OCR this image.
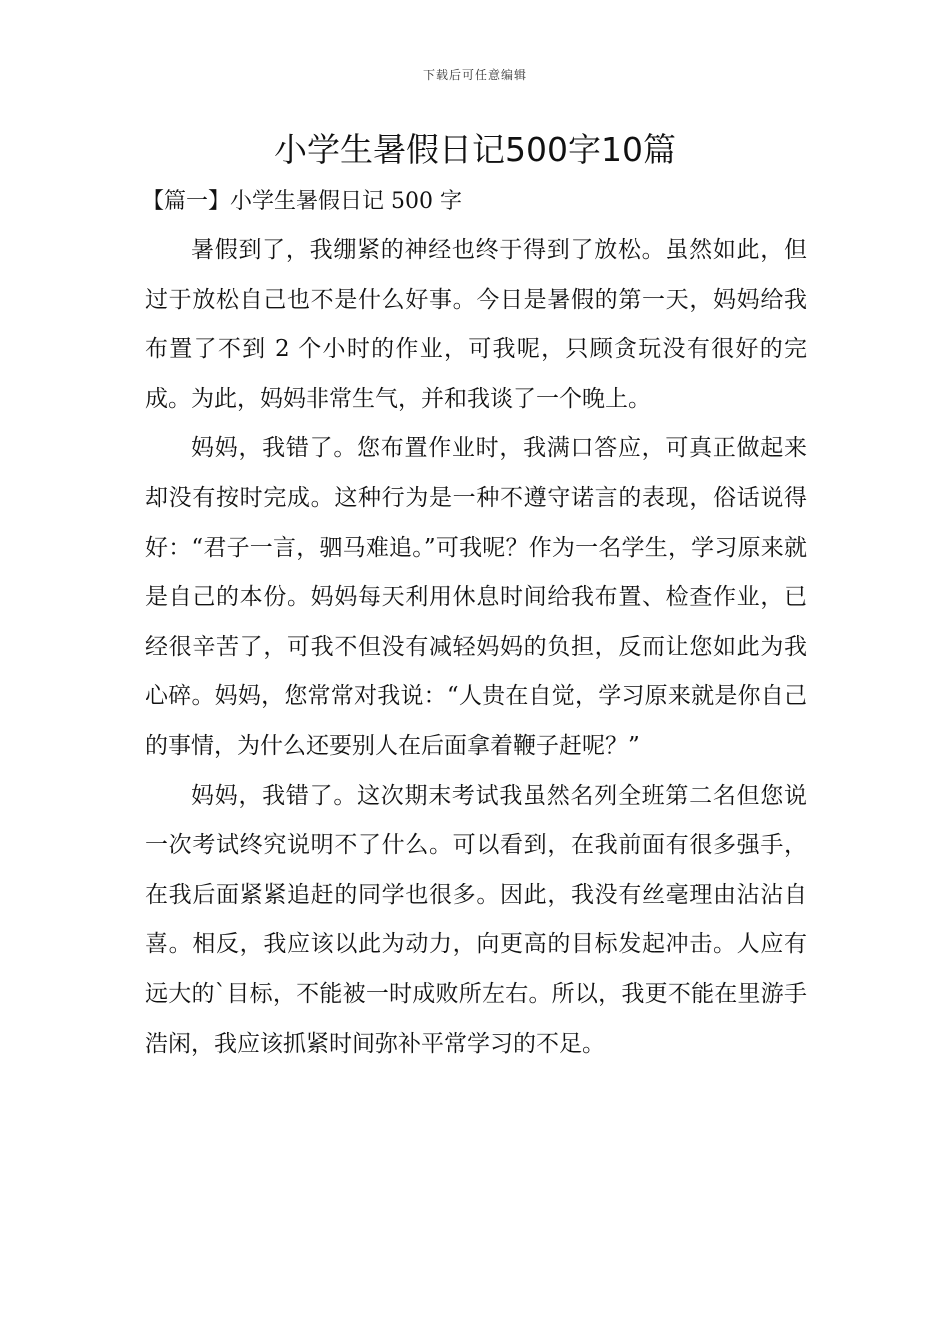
下载后可任意编辑
小学生暑假日记500字10篇
【篇一】小学生暑假日记 500 字

暑假到了，我绷紧的神经也终于得到了放松。虽然如此，但过于放松自己也不是什么好事。今日是暑假的第一天，妈妈给我布置了不到 2 个小时的作业，可我呢，只顾贪玩没有很好的完成。为此，妈妈非常生气，并和我谈了一个晚上。

妈妈，我错了。您布置作业时，我满口答应，可真正做起来却没有按时完成。这种行为是一种不遵守诺言的表现，俗话说得好：“君子一言，驷马难追。”可我呢？作为一名学生，学习原来就是自己的本份。妈妈每天利用休息时间给我布置、检查作业，已经很辛苦了，可我不但没有减轻妈妈的负担，反而让您如此为我心碎。妈妈，您常常对我说：“人贵在自觉，学习原来就是你自己的事情，为什么还要别人在后面拿着鞭子赶呢？”

妈妈，我错了。这次期末考试我虽然名列全班第二名但您说一次考试终究说明不了什么。可以看到，在我前面有很多强手，在我后面紧紧追赶的同学也很多。因此，我没有丝毫理由沾沾自喜。相反，我应该以此为动力，向更高的目标发起冲击。人应有远大的`目标，不能被一时成败所左右。所以，我更不能在里游手浩闲，我应该抓紧时间弥补平常学习的不足。
